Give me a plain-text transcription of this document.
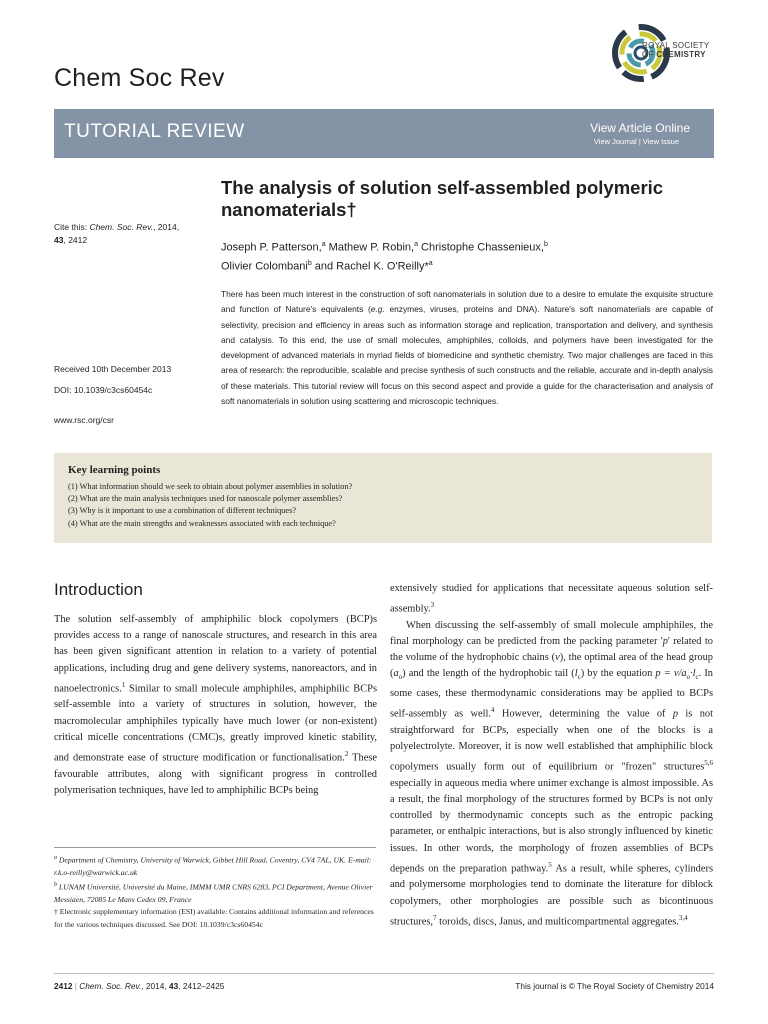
Chem Soc Rev
ROYAL SOCIETY
OF CHEMISTRY
TUTORIAL REVIEW	View Article Online
View Journal | View Issue
Cite this: Chem. Soc. Rev., 2014,
43, 2412
Received 10th December 2013
DOI: 10.1039/c3cs60454c
www.rsc.org/csr
The analysis of solution self-assembled polymeric nanomaterials†
Joseph P. Patterson,$^a$ Mathew P. Robin,$^a$ Christophe Chassenieux,$^b$
Olivier Colombani$^b$ and Rachel K. O'Reilly*$^a$
There has been much interest in the construction of soft nanomaterials in solution due to a desire to emulate the exquisite structure and function of Nature's equivalents (e.g. enzymes, viruses, proteins and DNA). Nature's soft nanomaterials are capable of selectivity, precision and efficiency in areas such as information storage and replication, transportation and delivery, and synthesis and catalysis. To this end, the use of small molecules, amphiphiles, colloids, and polymers have been investigated for the development of advanced materials in myriad fields of biomedicine and synthetic chemistry. Two major challenges are faced in this area of research: the reproducible, scalable and precise synthesis of such constructs and the reliable, accurate and in-depth analysis of these materials. This tutorial review will focus on this second aspect and provide a guide for the characterisation and analysis of soft nanomaterials in solution using scattering and microscopic techniques.
Key learning points
(1) What information should we seek to obtain about polymer assemblies in solution?
(2) What are the main analysis techniques used for nanoscale polymer assemblies?
(3) Why is it important to use a combination of different techniques?
(4) What are the main strengths and weaknesses associated with each technique?
Introduction

The solution self-assembly of amphiphilic block copolymers (BCP)s provides access to a range of nanoscale structures, and research in this area has been given significant attention in relation to a variety of potential applications, including drug and gene delivery systems, nanoreactors, and in nanoelectronics.$^1$ Similar to small molecule amphiphiles, amphiphilic BCPs self-assemble into a variety of structures in solution, however, the macromolecular amphiphiles typically have much lower (or non-existent) critical micelle concentrations (CMC)s, greatly improved kinetic stability, and demonstrate ease of structure modification or functionalisation.$^2$ These favourable attributes, along with significant progress in controlled polymerisation techniques, have led to amphiphilic BCPs being

extensively studied for applications that necessitate aqueous solution self-assembly.$^3$

When discussing the self-assembly of small molecule amphiphiles, the final morphology can be predicted from the packing parameter 'p' related to the volume of the hydrophobic chains (v), the optimal area of the head group $(a_o)$ and the length of the hydrophobic tail $(l_c)$ by the equation $p = v/a_o\cdot l_c$. In some cases, these thermodynamic considerations may be applied to BCPs self-assembly as well.$^4$ However, determining the value of p is not straightforward for BCPs, especially when one of the blocks is a polyelectrolyte. Moreover, it is now well established that amphiphilic block copolymers usually form out of equilibrium or "frozen" structures$^{5,6}$ especially in aqueous media where unimer exchange is almost impossible. As a result, the final morphology of the structures formed by BCPs is not only controlled by thermodynamic concepts such as the entropic packing parameter, or enthalpic interactions, but is also strongly influenced by kinetic issues. In other words, the morphology of frozen assemblies of BCPs depends on the preparation pathway.$^5$ As a result, while spheres, cylinders and polymersome morphologies tend to dominate the literature for diblock copolymers, other morphologies are possible such as bicontinuous structures,$^7$ toroids, discs, Janus, and multicompartmental aggregates.$^{3,4}$

$^a$ Department of Chemistry, University of Warwick, Gibbet Hill Road, Coventry, CV4 7AL, UK. E-mail: r.k.o-reilly@warwick.ac.uk

$^b$ LUNAM Université, Université du Maine, IMMM UMR CNRS 6283, PCI Department, Avenue Olivier Messiaen, 72085 Le Mans Cedex 09, France

† Electronic supplementary information (ESI) available: Contains additional information and references for the various techniques discussed. See DOI: 10.1039/c3cs60454c

2412 | Chem. Soc. Rev., 2014, 43, 2412–2425	This journal is © The Royal Society of Chemistry 2014
